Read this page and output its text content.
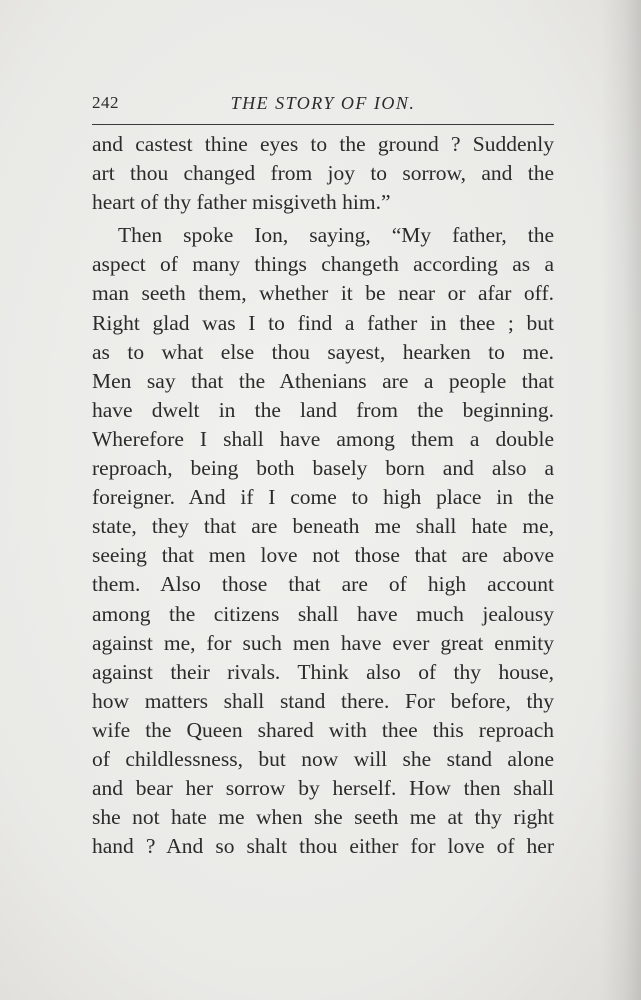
242	THE STORY OF ION.
and castest thine eyes to the ground ? Suddenly
art thou changed from joy to sorrow, and the
heart of thy father misgiveth him.”
Then spoke Ion, saying, “My father, the
aspect of many things changeth according as a
man seeth them, whether it be near or afar off.
Right glad was I to find a father in thee ; but
as to what else thou sayest, hearken to me.
Men say that the Athenians are a people that
have dwelt in the land from the beginning.
Wherefore I shall have among them a double
reproach, being both basely born and also a
foreigner. And if I come to high place in the
state, they that are beneath me shall hate me,
seeing that men love not those that are above
them. Also those that are of high account
among the citizens shall have much jealousy
against me, for such men have ever great enmity
against their rivals. Think also of thy house,
how matters shall stand there. For before, thy
wife the Queen shared with thee this reproach
of childlessness, but now will she stand alone
and bear her sorrow by herself. How then shall
she not hate me when she seeth me at thy right
hand ? And so shalt thou either for love of her
